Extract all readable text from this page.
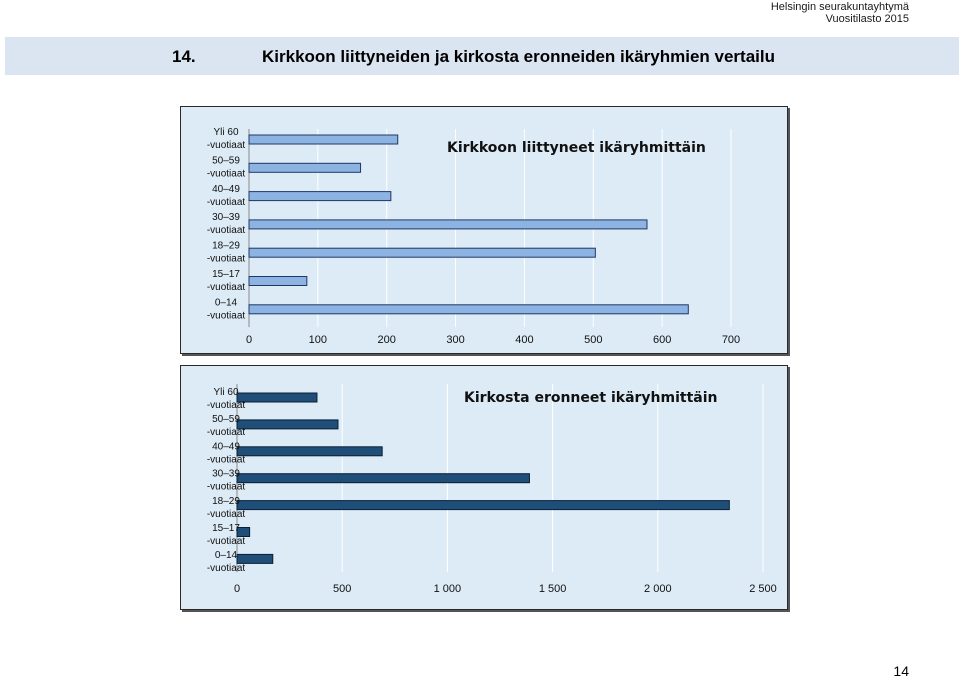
Helsingin seurakuntayhtymä
Vuositilasto 2015
14.	Kirkkoon liittyneiden ja kirkosta eronneiden ikäryhmien vertailu
Yli 60
-vuotiaat
50–59
-vuotiaat
40–49
-vuotiaat
30–39
-vuotiaat
18–29
-vuotiaat
15–17
-vuotiaat
0–14
-vuotiaat
0	100	200	300	400	500	600	700
Kirkkoon liittyneet ikäryhmittäin
Yli 60
-vuotiaat
50–59
-vuotiaat
40–49
-vuotiaat
30–39
-vuotiaat
18–29
-vuotiaat
15–17
-vuotiaat
0–14
-vuotiaat
0	500	1 000	1 500	2 000	2 500
Kirkosta eronneet ikäryhmittäin
14
